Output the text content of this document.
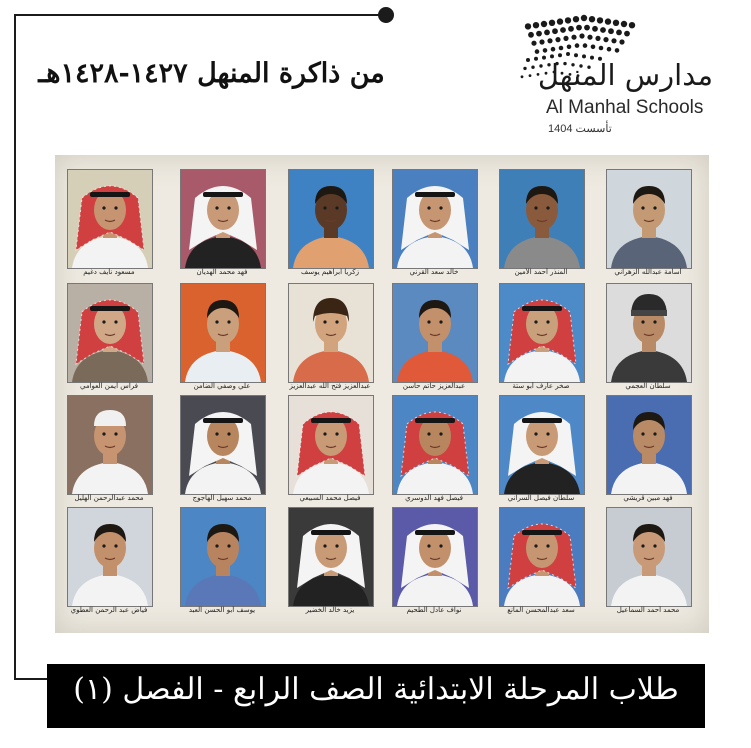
من ذاكرة المنهل ١٤٢٧-١٤٢٨هـ	مدارس المنهل
Al Manhal Schools
تأسست 1404
أسامة عبدالله الزهراني
المنذر أحمد الأمين
خالد سعد القرني
زكريا ابراهيم يوسف
فهد محمد الهديان
مسعود نايف دغيم
سلطان العجمي
صخر عارف أبو ستة
عبدالعزيز حاتم حاسن
عبدالعزيز فتح الله عبدالعزيز
علي وصفي الضامن
فراس أيمن العوامي
فهد مبين قريشي
سلطان فيصل السراني
فيصل فهد الدوسري
فيصل محمد السبيعي
محمد سهيل الهاجوج
محمد عبدالرحمن الهليل
محمد أحمد السماعيل
سعد عبدالمحسن المانع
نواف عادل الطحيم
يزيد خالد الخضير
يوسف أبو الحسن العبد
فياض عبد الرحمن العطوي
طلاب المرحلة الابتدائية الصف الرابع - الفصل (١)
